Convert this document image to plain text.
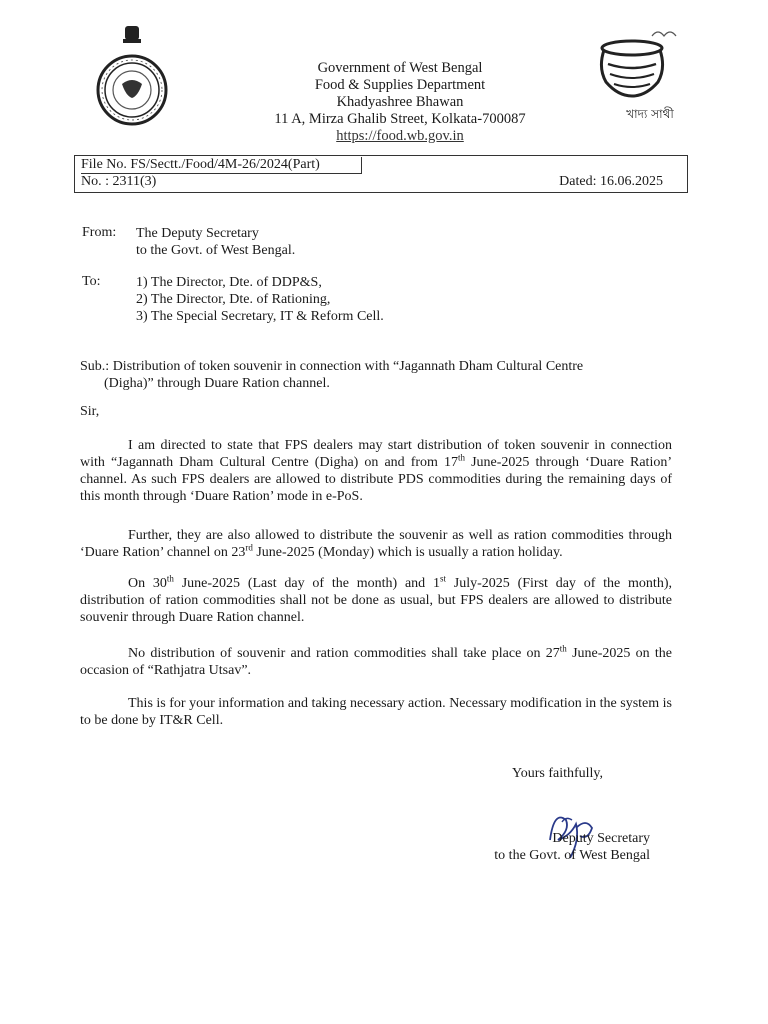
খাদ্য সাথী
Government of West Bengal
Food & Supplies Department
Khadyashree Bhawan
11 A, Mirza Ghalib Street, Kolkata-700087
https://food.wb.gov.in
File No. FS/Sectt./Food/4M-26/2024(Part)
No. : 2311(3)	Dated: 16.06.2025
From: The Deputy Secretary
to the Govt. of West Bengal.
To:	1) The Director, Dte. of DDP&S,
2) The Director, Dte. of Rationing,
3) The Special Secretary, IT & Reform Cell.
Sub.: Distribution of token souvenir in connection with “Jagannath Dham Cultural Centre
(Digha)” through Duare Ration channel.
Sir,
I am directed to state that FPS dealers may start distribution of token souvenir in connection with “Jagannath Dham Cultural Centre (Digha) on and from 17th June-2025 through ‘Duare Ration’ channel. As such FPS dealers are allowed to distribute PDS commodities during the remaining days of this month through ‘Duare Ration’ mode in e-PoS.
Further, they are also allowed to distribute the souvenir as well as ration commodities through ‘Duare Ration’ channel on 23rd June-2025 (Monday) which is usually a ration holiday.
On 30th June-2025 (Last day of the month) and 1st July-2025 (First day of the month), distribution of ration commodities shall not be done as usual, but FPS dealers are allowed to distribute souvenir through Duare Ration channel.
No distribution of souvenir and ration commodities shall take place on 27th June-2025 on the occasion of “Rathjatra Utsav”.
This is for your information and taking necessary action. Necessary modification in the system is to be done by IT&R Cell.
Yours faithfully,
Deputy Secretary
to the Govt. of West Bengal
